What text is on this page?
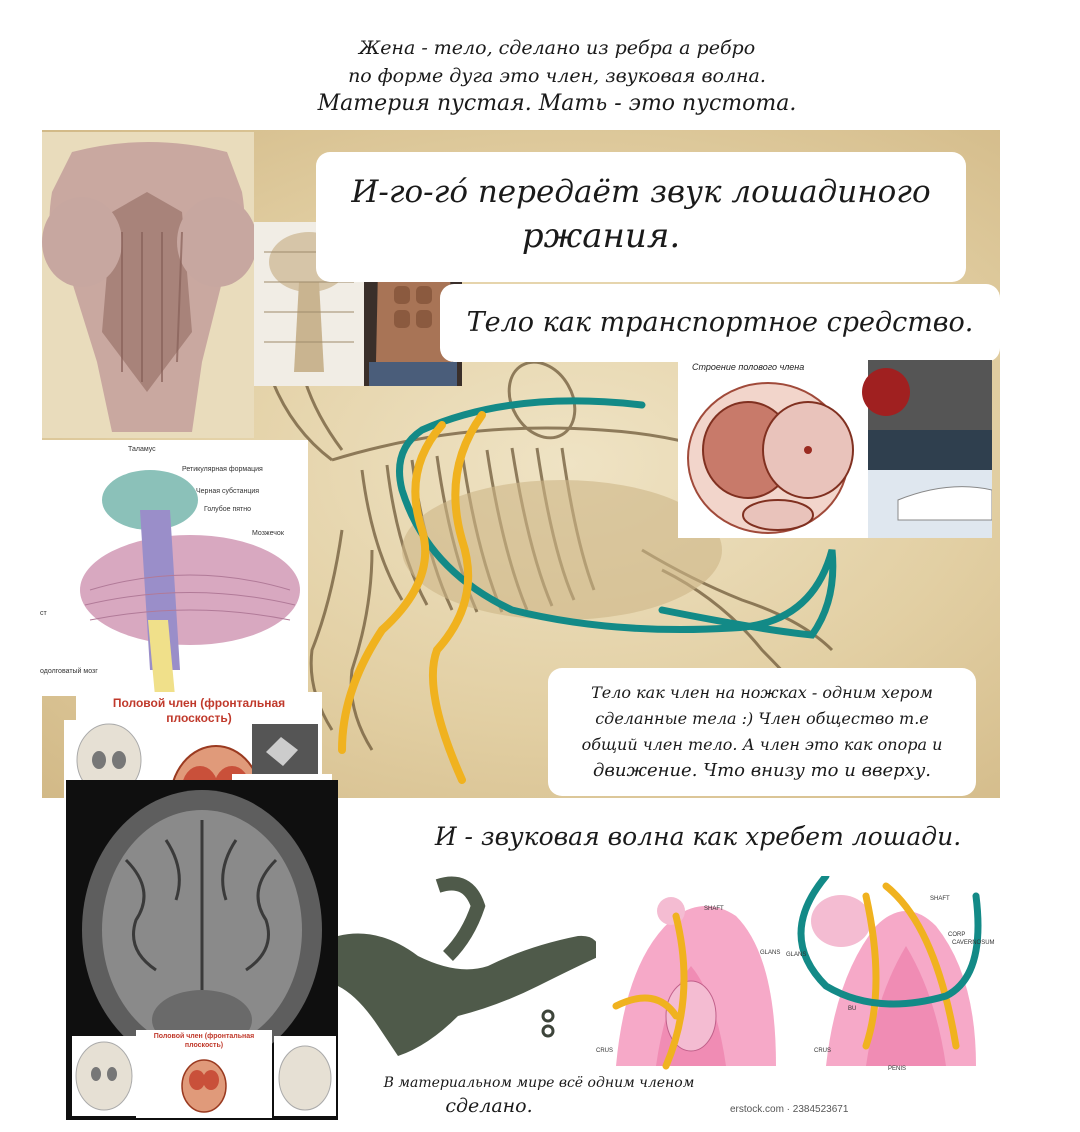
Жена - тело, сделано из ребра а ребро
по форме дуга это член, звуковая волна.
Материя пустая. Мать - это пустота.
И-го-го́ передаёт звук лошадиного
ржания.
Тело как транспортное средство.
Строение полового члена
Таламус
Ретикулярная формация
Черная субстанция
Голубое пятно
Мозжечок
ст
одолговатый мозг
Тело как член на ножках - одним хером
сделанные тела :) Член общество т.е
общий член тело. А член это как опора и
движение. Что внизу то и вверху.
Половой член (фронтальная
плоскость)
Половой член (фронтальная
плоскость)
И - звуковая волна как хребет лошади.
SHAFT
GLANS
CRUS
SHAFT
CORP
CAVERNOSUM
GLANS
BU
CRUS
PENIS
В материальном мире всё одним членом
сделано.	erstock.com · 2384523671
